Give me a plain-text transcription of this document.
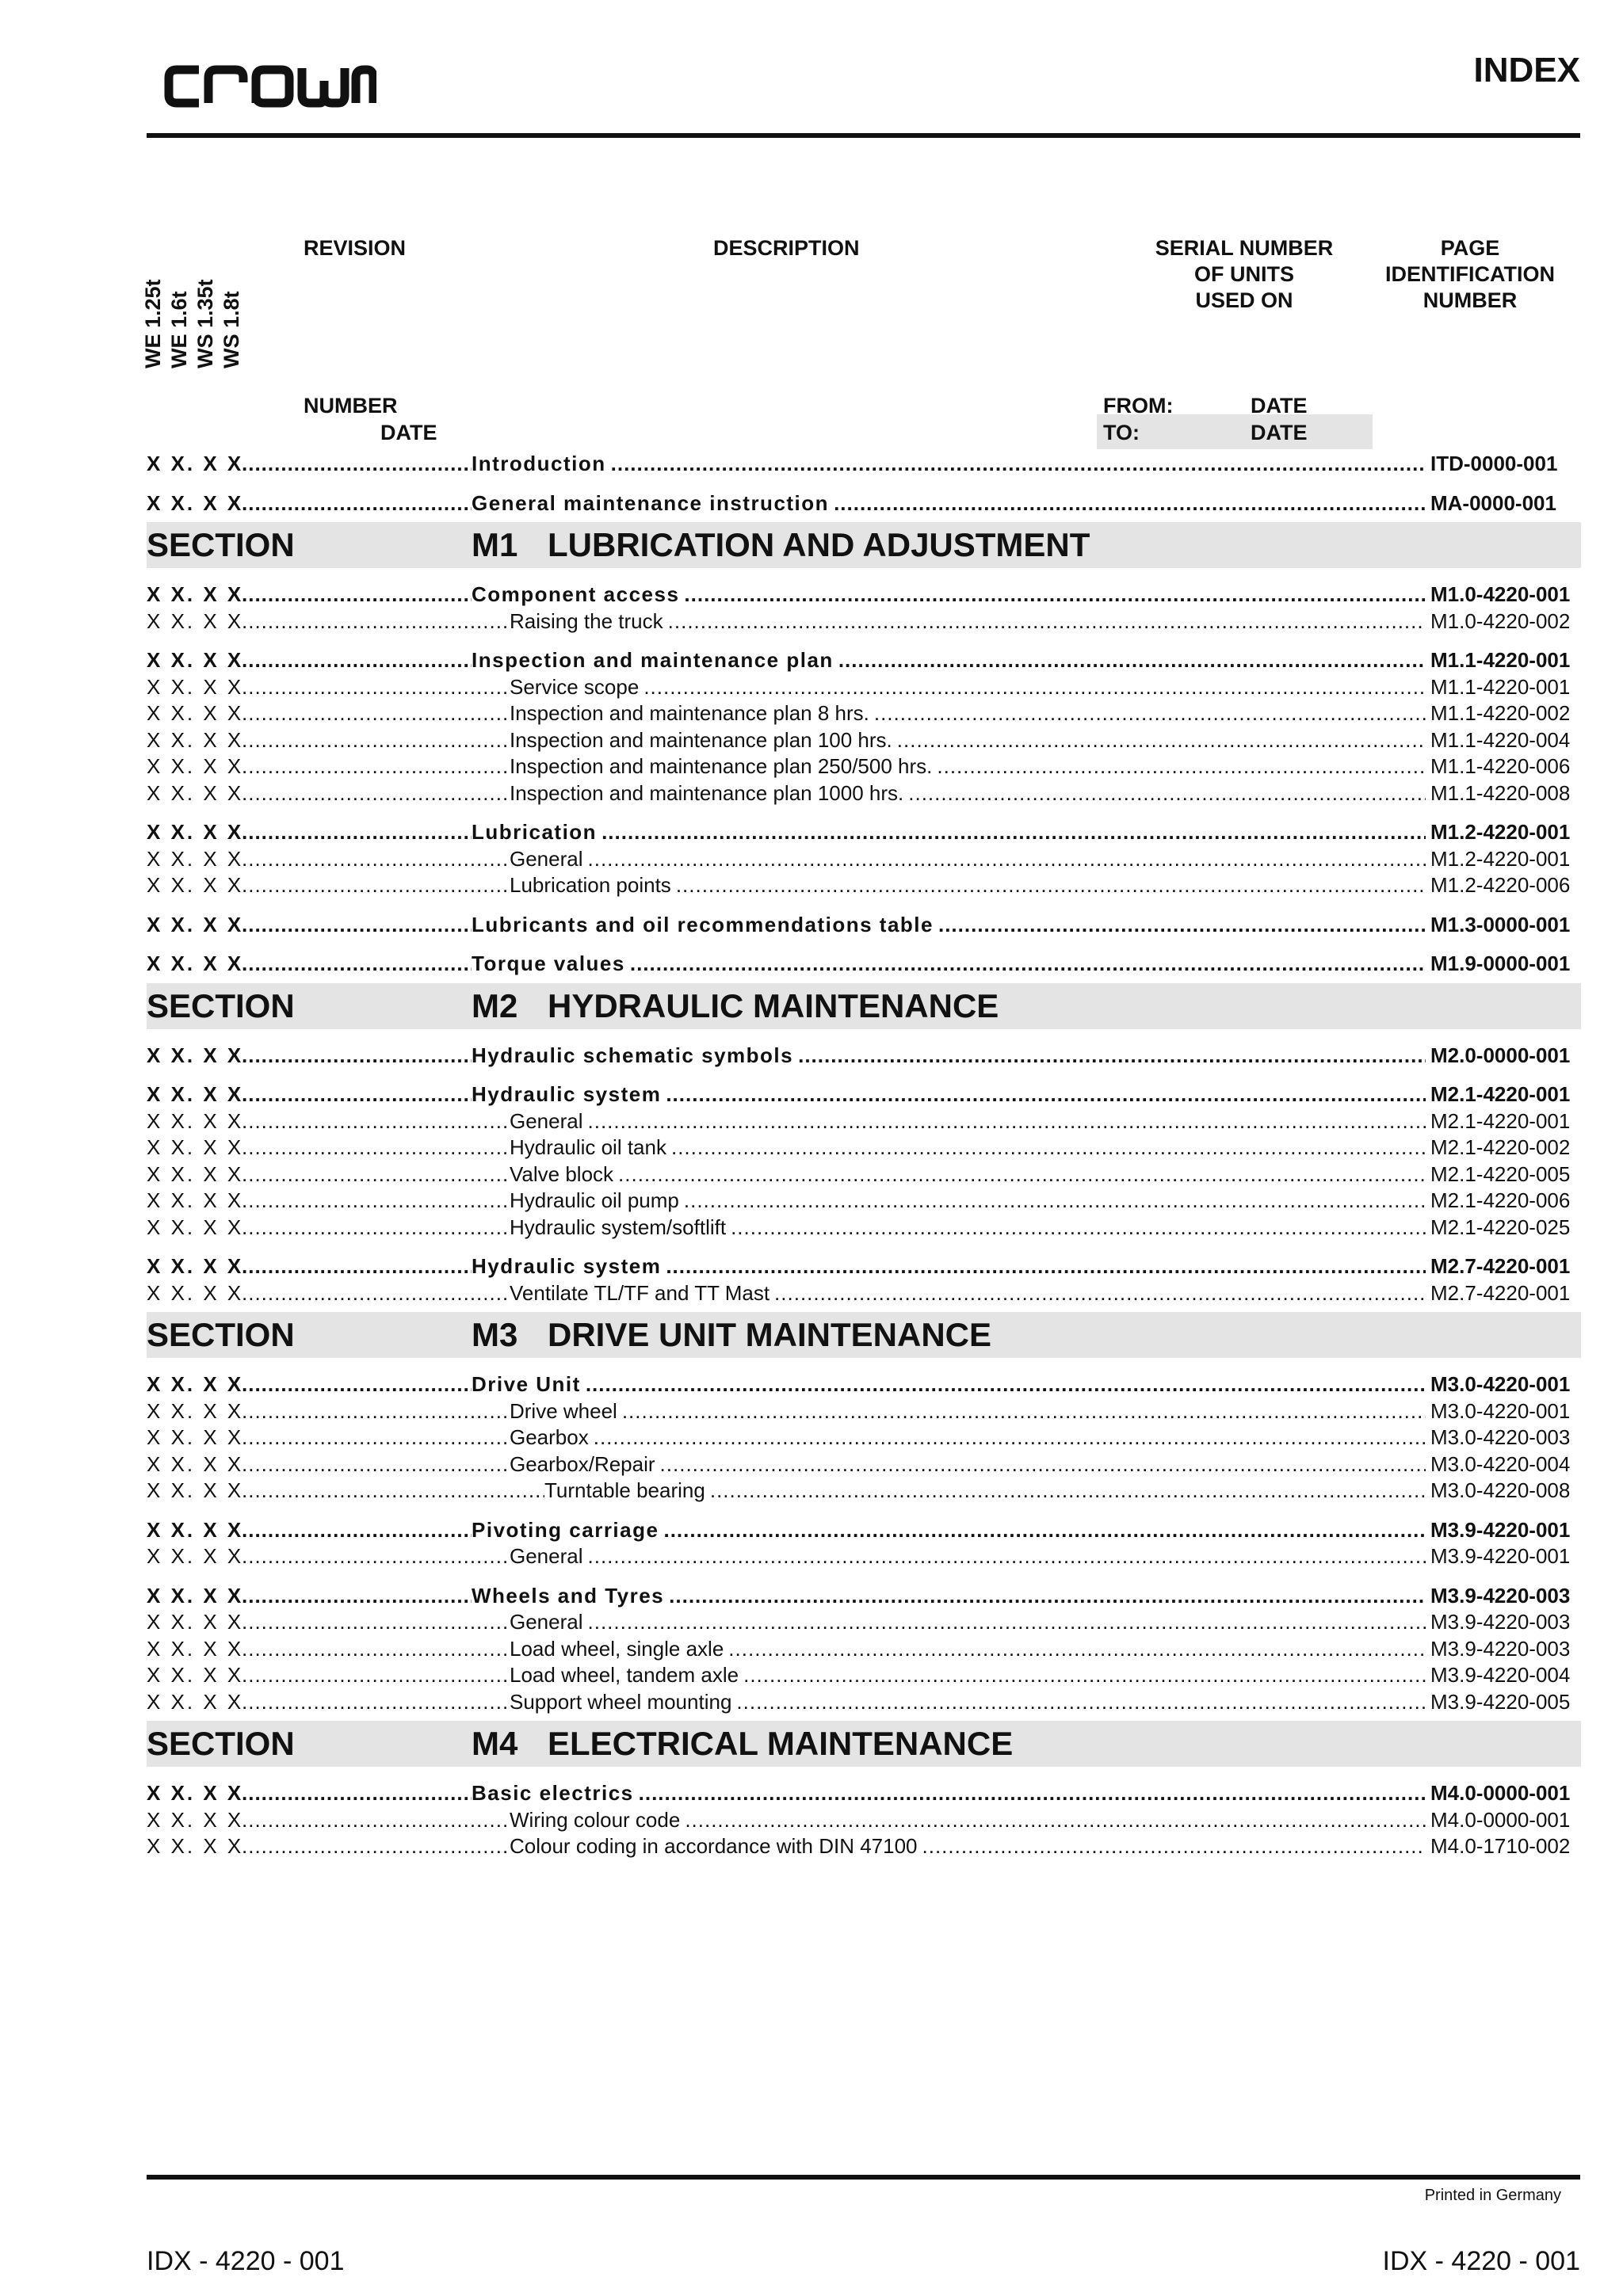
INDEX
WE 1.25t WE 1.6t WS 1.35t WS 1.8t
REVISION	DESCRIPTION	SERIAL NUMBER
OF UNITS
USED ON
PAGE
IDENTIFICATION
NUMBER
NUMBER
DATE
FROM:	DATE
TO:	DATE
X X. X X .....	Introduction .....	ITD-0000-001
X X. X X .....	General maintenance instruction .....	MA-0000-001
SECTION	M1 LUBRICATION AND ADJUSTMENT
X X. X X .....	Component access .....	M1.0-4220-001
X X. X X .....	Raising the truck .....	M1.0-4220-002
X X. X X .....	Inspection and maintenance plan .....	M1.1-4220-001
X X. X X .....	Service scope .....	M1.1-4220-001
X X. X X .....	Inspection and maintenance plan 8 hrs. .....	M1.1-4220-002
X X. X X .....	Inspection and maintenance plan 100 hrs. .....	M1.1-4220-004
X X. X X .....	Inspection and maintenance plan 250/500 hrs. .....	M1.1-4220-006
X X. X X .....	Inspection and maintenance plan 1000 hrs. .....	M1.1-4220-008
X X. X X .....	Lubrication .....	M1.2-4220-001
X X. X X .....	General .....	M1.2-4220-001
X X. X X .....	Lubrication points .....	M1.2-4220-006
X X. X X .....	Lubricants and oil recommendations table .....	M1.3-0000-001
X X. X X .....	Torque values .....	M1.9-0000-001
SECTION	M2 HYDRAULIC MAINTENANCE
X X. X X .....	Hydraulic schematic symbols .....	M2.0-0000-001
X X. X X .....	Hydraulic system .....	M2.1-4220-001
X X. X X .....	General .....	M2.1-4220-001
X X. X X .....	Hydraulic oil tank .....	M2.1-4220-002
X X. X X .....	Valve block .....	M2.1-4220-005
X X. X X .....	Hydraulic oil pump .....	M2.1-4220-006
X X. X X .....	Hydraulic system/softlift .....	M2.1-4220-025
X X. X X .....	Hydraulic system .....	M2.7-4220-001
X X. X X .....	Ventilate TL/TF and TT Mast .....	M2.7-4220-001
SECTION	M3 DRIVE UNIT MAINTENANCE
X X. X X .....	Drive Unit .....	M3.0-4220-001
X X. X X .....	Drive wheel .....	M3.0-4220-001
X X. X X .....	Gearbox .....	M3.0-4220-003
X X. X X .....	Gearbox/Repair .....	M3.0-4220-004
X X. X X .....	Turntable bearing .....	M3.0-4220-008
X X. X X .....	Pivoting carriage .....	M3.9-4220-001
X X. X X .....	General .....	M3.9-4220-001
X X. X X .....	Wheels and Tyres .....	M3.9-4220-003
X X. X X .....	General .....	M3.9-4220-003
X X. X X .....	Load wheel, single axle .....	M3.9-4220-003
X X. X X .....	Load wheel, tandem axle .....	M3.9-4220-004
X X. X X .....	Support wheel mounting .....	M3.9-4220-005
SECTION	M4 ELECTRICAL MAINTENANCE
X X. X X .....	Basic electrics .....	M4.0-0000-001
X X. X X .....	Wiring colour code .....	M4.0-0000-001
X X. X X .....	Colour coding in accordance with DIN 47100 .....	M4.0-1710-002
Printed in Germany
IDX - 4220 - 001	IDX - 4220 - 001
